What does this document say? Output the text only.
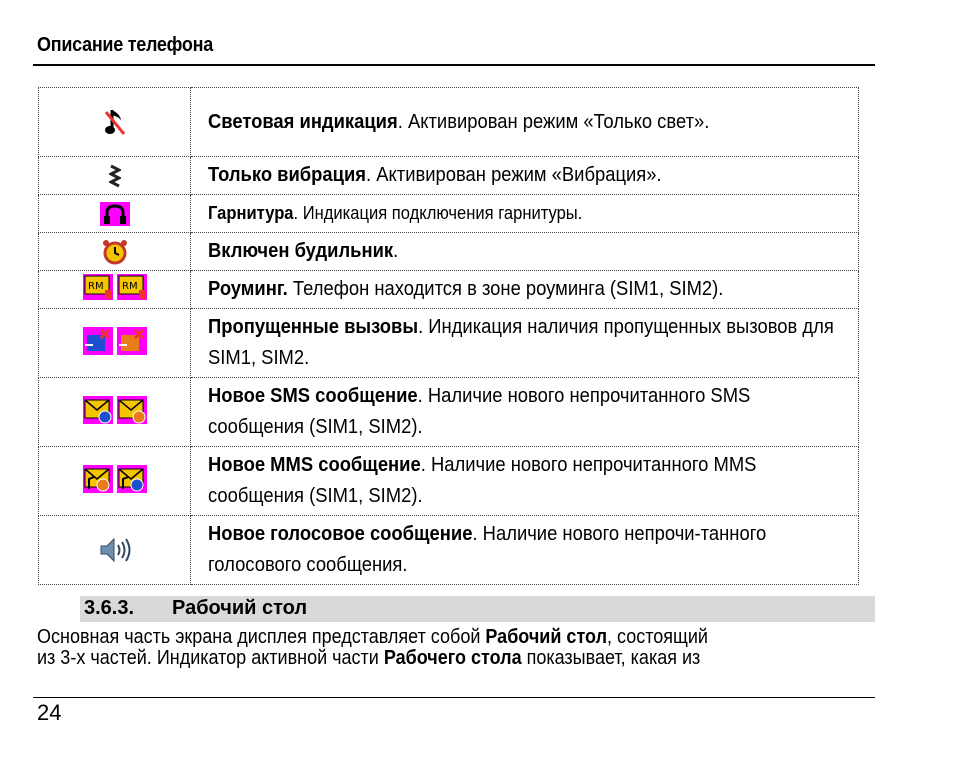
Описание телефона
	Световая индикация. Активирован режим «Только свет».
	Только вибрация. Активирован режим «Вибрация».
	Гарнитура. Индикация подключения гарнитуры.
	Включен будильник.

RM RM	Роуминг. Телефон находится в зоне роуминга (SIM1, SIM2).

	Пропущенные вызовы. Индикация наличия пропущенных вызовов для SIM1, SIM2.

	Новое SMS сообщение. Наличие нового непрочитанного SMS сообщения (SIM1, SIM2).

	Новое MMS сообщение. Наличие нового непрочитанного MMS сообщения (SIM1, SIM2).
	Новое голосовое сообщение. Наличие нового непрочи-танного голосового сообщения.
3.6.3. Рабочий стол
Основная часть экрана дисплея представляет собой Рабочий стол, состоящий
из 3-х частей. Индикатор активной части Рабочего стола показывает, какая из
24
